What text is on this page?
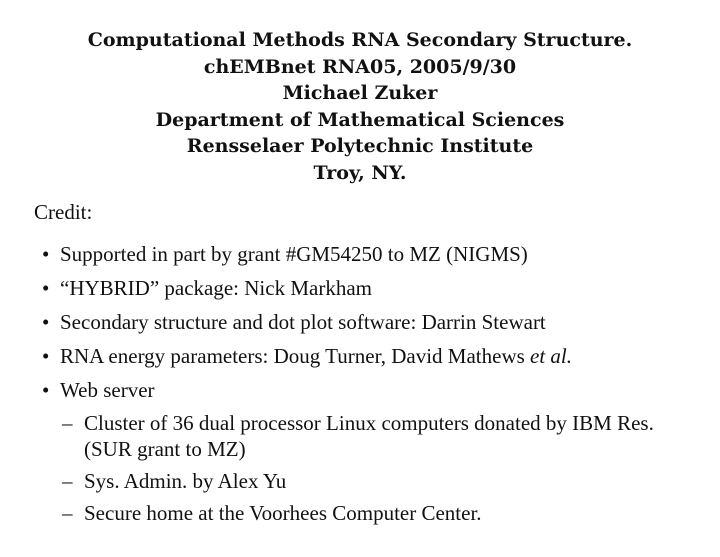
Computational Methods RNA Secondary Structure.
chEMBnet RNA05, 2005/9/30
Michael Zuker
Department of Mathematical Sciences
Rensselaer Polytechnic Institute
Troy, NY.
Credit:
• Supported in part by grant #GM54250 to MZ (NIGMS)
• “HYBRID” package: Nick Markham
• Secondary structure and dot plot software: Darrin Stewart
• RNA energy parameters: Doug Turner, David Mathews et al.
• Web server
– Cluster of 36 dual processor Linux computers donated by IBM Res.
(SUR grant to MZ)
– Sys. Admin. by Alex Yu
– Secure home at the Voorhees Computer Center.
